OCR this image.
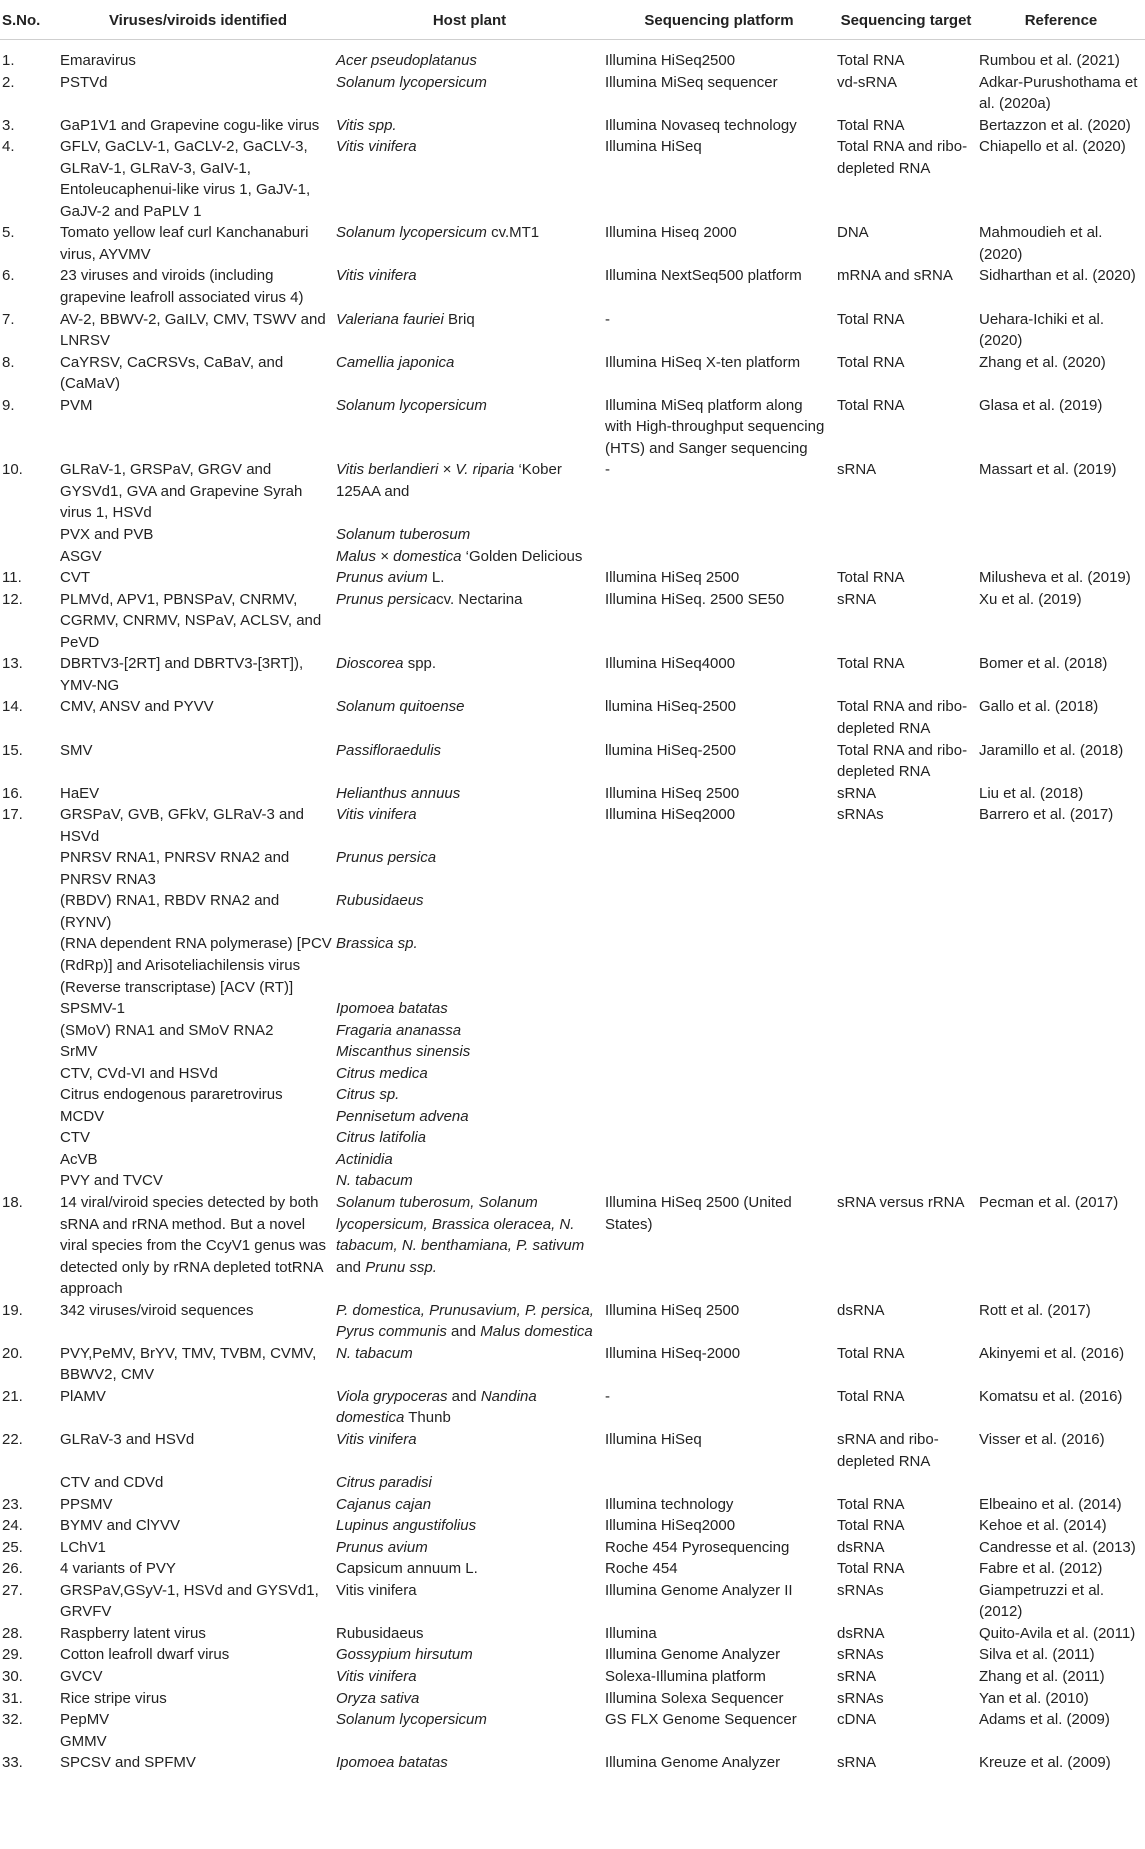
S.No.	Viruses/viroids identified	Host plant	Sequencing platform	Sequencing target	Reference

1.	Emaravirus	Acer pseudoplatanus	Illumina HiSeq2500	Total RNA	Rumbou et al. (2021)
2.	PSTVd	Solanum lycopersicum	Illumina MiSeq sequencer	vd-sRNA	Adkar-Purushothama et al. (2020a)
3.	GaP1V1 and Grapevine cogu-like virus	Vitis spp.	Illumina Novaseq technology	Total RNA	Bertazzon et al. (2020)
4.	GFLV, GaCLV-1, GaCLV-2, GaCLV-3, GLRaV-1, GLRaV-3, GaIV-1, Entoleucaphenui-like virus 1, GaJV-1, GaJV-2 and PaPLV 1	Vitis vinifera	Illumina HiSeq	Total RNA and ribo-depleted RNA	Chiapello et al. (2020)
5.	Tomato yellow leaf curl Kanchanaburi virus, AYVMV	Solanum lycopersicum cv.MT1	Illumina Hiseq 2000	DNA	Mahmoudieh et al. (2020)
6.	23 viruses and viroids (including grapevine leafroll associated virus 4)	Vitis vinifera	Illumina NextSeq500 platform	mRNA and sRNA	Sidharthan et al. (2020)
7.	AV-2, BBWV-2, GaILV, CMV, TSWV and LNRSV	Valeriana fauriei Briq	-	Total RNA	Uehara-Ichiki et al. (2020)
8.	CaYRSV, CaCRSVs, CaBaV, and (CaMaV)	Camellia japonica	Illumina HiSeq X-ten platform	Total RNA	Zhang et al. (2020)
9.	PVM	Solanum lycopersicum	Illumina MiSeq platform along with High-throughput sequencing (HTS) and Sanger sequencing	Total RNA	Glasa et al. (2019)
10.	GLRaV-1, GRSPaV, GRGV and GYSVd1, GVA and Grapevine Syrah virus 1, HSVd	Vitis berlandieri × V. riparia ‘Kober 125AA and	-	sRNA	Massart et al. (2019)
	PVX and PVB	Solanum tuberosum			
	ASGV	Malus × domestica ‘Golden Delicious			
11.	CVT	Prunus avium L.	Illumina HiSeq 2500	Total RNA	Milusheva et al. (2019)
12.	PLMVd, APV1, PBNSPaV, CNRMV, CGRMV, CNRMV, NSPaV, ACLSV, and PeVD	Prunus persicacv. Nectarina	Illumina HiSeq. 2500 SE50	sRNA	Xu et al. (2019)
13.	DBRTV3-[2RT] and DBRTV3-[3RT]), YMV-NG	Dioscorea spp.	Illumina HiSeq4000	Total RNA	Bomer et al. (2018)
14.	CMV, ANSV and PYVV	Solanum quitoense	llumina HiSeq-2500	Total RNA and ribo-depleted RNA	Gallo et al. (2018)
15.	SMV	Passifloraedulis	llumina HiSeq-2500	Total RNA and ribo-depleted RNA	Jaramillo et al. (2018)
16.	HaEV	Helianthus annuus	Illumina HiSeq 2500	sRNA	Liu et al. (2018)
17.	GRSPaV, GVB, GFkV, GLRaV-3 and HSVd	Vitis vinifera	Illumina HiSeq2000	sRNAs	Barrero et al. (2017)
	PNRSV RNA1, PNRSV RNA2 and PNRSV RNA3	Prunus persica			
	(RBDV) RNA1, RBDV RNA2 and (RYNV)	Rubusidaeus			
	(RNA dependent RNA polymerase) [PCV (RdRp)] and Arisoteliachilensis virus (Reverse transcriptase) [ACV (RT)]	Brassica sp.			
	SPSMV-1	Ipomoea batatas			
	(SMoV) RNA1 and SMoV RNA2	Fragaria ananassa			
	SrMV	Miscanthus sinensis			
	CTV, CVd-VI and HSVd	Citrus medica			
	Citrus endogenous pararetrovirus	Citrus sp.			
	MCDV	Pennisetum advena			
	CTV	Citrus latifolia			
	AcVB	Actinidia			
	PVY and TVCV	N. tabacum			
18.	14 viral/viroid species detected by both sRNA and rRNA method. But a novel viral species from the CcyV1 genus was detected only by rRNA depleted totRNA approach	Solanum tuberosum, Solanum lycopersicum, Brassica oleracea, N. tabacum, N. benthamiana, P. sativum and Prunu ssp.	Illumina HiSeq 2500 (United States)	sRNA versus rRNA	Pecman et al. (2017)
19.	342 viruses/viroid sequences	P. domestica, Prunusavium, P. persica, Pyrus communis and Malus domestica	Illumina HiSeq 2500	dsRNA	Rott et al. (2017)
20.	PVY,PeMV, BrYV, TMV, TVBM, CVMV, BBWV2, CMV	N. tabacum	Illumina HiSeq-2000	Total RNA	Akinyemi et al. (2016)
21.	PlAMV	Viola grypoceras and Nandina domestica Thunb	-	Total RNA	Komatsu et al. (2016)
22.	GLRaV-3 and HSVd	Vitis vinifera	Illumina HiSeq	sRNA and ribo-depleted RNA	Visser et al. (2016)
	CTV and CDVd	Citrus paradisi			
23.	PPSMV	Cajanus cajan	Illumina technology	Total RNA	Elbeaino et al. (2014)
24.	BYMV and ClYVV	Lupinus angustifolius	Illumina HiSeq2000	Total RNA	Kehoe et al. (2014)
25.	LChV1	Prunus avium	Roche 454 Pyrosequencing	dsRNA	Candresse et al. (2013)
26.	4 variants of PVY	Capsicum annuum L.	Roche 454	Total RNA	Fabre et al. (2012)
27.	GRSPaV,GSyV-1, HSVd and GYSVd1, GRVFV	Vitis vinifera	Illumina Genome Analyzer II	sRNAs	Giampetruzzi et al. (2012)
28.	Raspberry latent virus	Rubusidaeus	Illumina	dsRNA	Quito-Avila et al. (2011)
29.	Cotton leafroll dwarf virus	Gossypium hirsutum	Illumina Genome Analyzer	sRNAs	Silva et al. (2011)
30.	GVCV	Vitis vinifera	Solexa-Illumina platform	sRNA	Zhang et al. (2011)
31.	Rice stripe virus	Oryza sativa	Illumina Solexa Sequencer	sRNAs	Yan et al. (2010)
32.	PepMV	Solanum lycopersicum	GS FLX Genome Sequencer	cDNA	Adams et al. (2009)
	GMMV				
33.	SPCSV and SPFMV	Ipomoea batatas	Illumina Genome Analyzer	sRNA	Kreuze et al. (2009)
